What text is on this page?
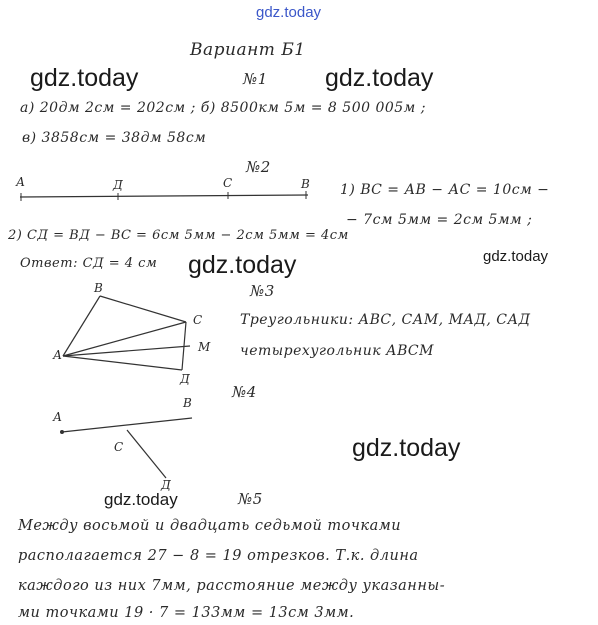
gdz.today
gdz.today	gdz.today
gdz.today	gdz.today
gdz.today
gdz.today
Вариант Б1
№1
а) 20дм 2см = 202см ; б) 8500км 5м = 8 500 005м ;
в) 3858см = 38дм 58см
№2
А	Д	С	В 1) ВС = АВ − АС = 10см −
− 7см 5мм = 2см 5мм ;
2) СД = ВД − ВС = 6см 5мм − 2см 5мм = 4см
Ответ: СД = 4 см
№3
В
С
А
М
Д
Треугольники: АВС, САМ, МАД, САД
четырехугольник АВСМ
№4
А
В
С
Д
№5
Между восьмой и двадцать седьмой точками
располагается 27 − 8 = 19 отрезков. Т.к. длина
каждого из них 7мм, расстояние между указанны-
ми точками 19 · 7 = 133мм = 13см 3мм.
